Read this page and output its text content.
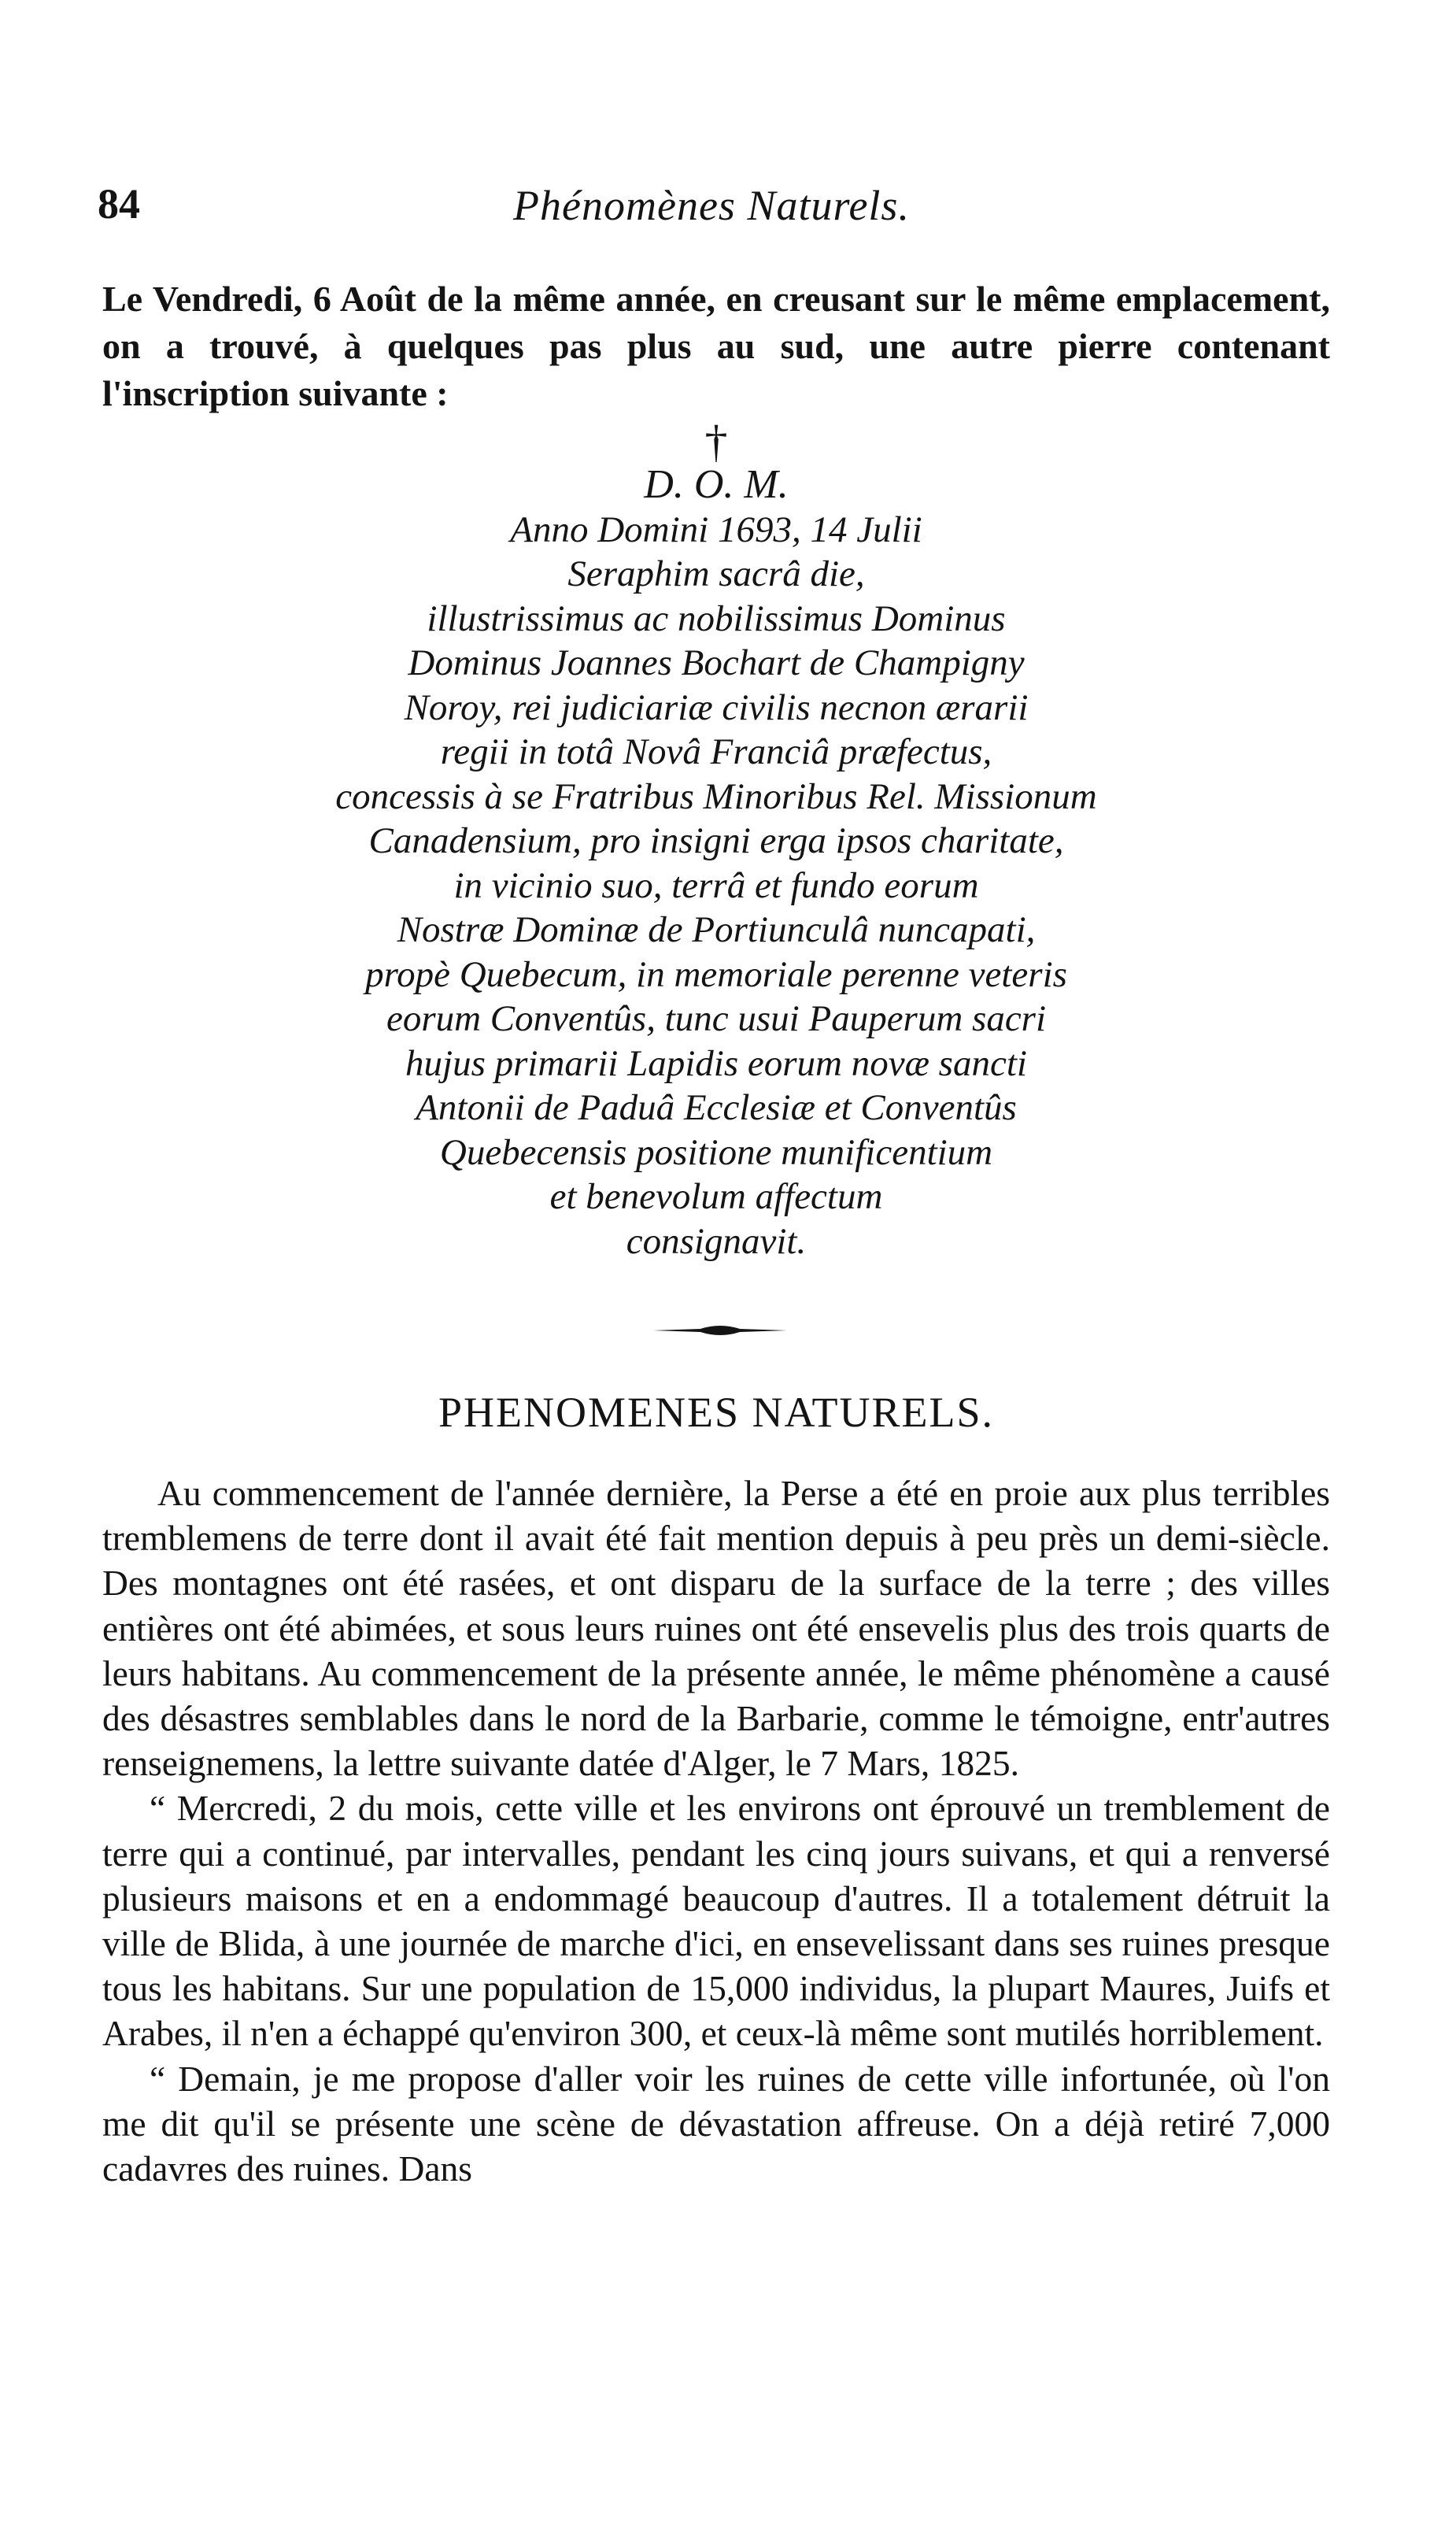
84	Phénomènes Naturels.

Le Vendredi, 6 Août de la même année, en creusant sur le même emplacement, on a trouvé, à quelques pas plus au sud, une autre pierre contenant l'inscription suivante :

†
D. O. M.
Anno Domini 1693, 14 Julii
Seraphim sacrâ die,
illustrissimus ac nobilissimus Dominus
Dominus Joannes Bochart de Champigny
Noroy, rei judiciariæ civilis necnon ærarii
regii in totâ Novâ Franciâ præfectus,
concessis à se Fratribus Minoribus Rel. Missionum
Canadensium, pro insigni erga ipsos charitate,
in vicinio suo, terrâ et fundo eorum
Nostræ Dominæ de Portiunculâ nuncapati,
propè Quebecum, in memoriale perenne veteris
eorum Conventûs, tunc usui Pauperum sacri
hujus primarii Lapidis eorum novæ sancti
Antonii de Paduâ Ecclesiæ et Conventûs
Quebecensis positione munificentium
et benevolum affectum
consignavit.
PHENOMENES NATURELS.

Au commencement de l'année dernière, la Perse a été en proie aux plus terribles tremblemens de terre dont il avait été fait mention depuis à peu près un demi-siècle. Des montagnes ont été rasées, et ont disparu de la surface de la terre ; des villes entières ont été abimées, et sous leurs ruines ont été ensevelis plus des trois quarts de leurs habitans. Au commencement de la présente année, le même phénomène a causé des désastres semblables dans le nord de la Barbarie, comme le témoigne, entr'autres renseignemens, la lettre suivante datée d'Alger, le 7 Mars, 1825.

“ Mercredi, 2 du mois, cette ville et les environs ont éprouvé un tremblement de terre qui a continué, par intervalles, pendant les cinq jours suivans, et qui a renversé plusieurs maisons et en a endommagé beaucoup d'autres. Il a totalement détruit la ville de Blida, à une journée de marche d'ici, en ensevelissant dans ses ruines presque tous les habitans. Sur une population de 15,000 individus, la plupart Maures, Juifs et Arabes, il n'en a échappé qu'environ 300, et ceux-là même sont mutilés horriblement.

“ Demain, je me propose d'aller voir les ruines de cette ville infortunée, où l'on me dit qu'il se présente une scène de dévastation affreuse. On a déjà retiré 7,000 cadavres des ruines. Dans
